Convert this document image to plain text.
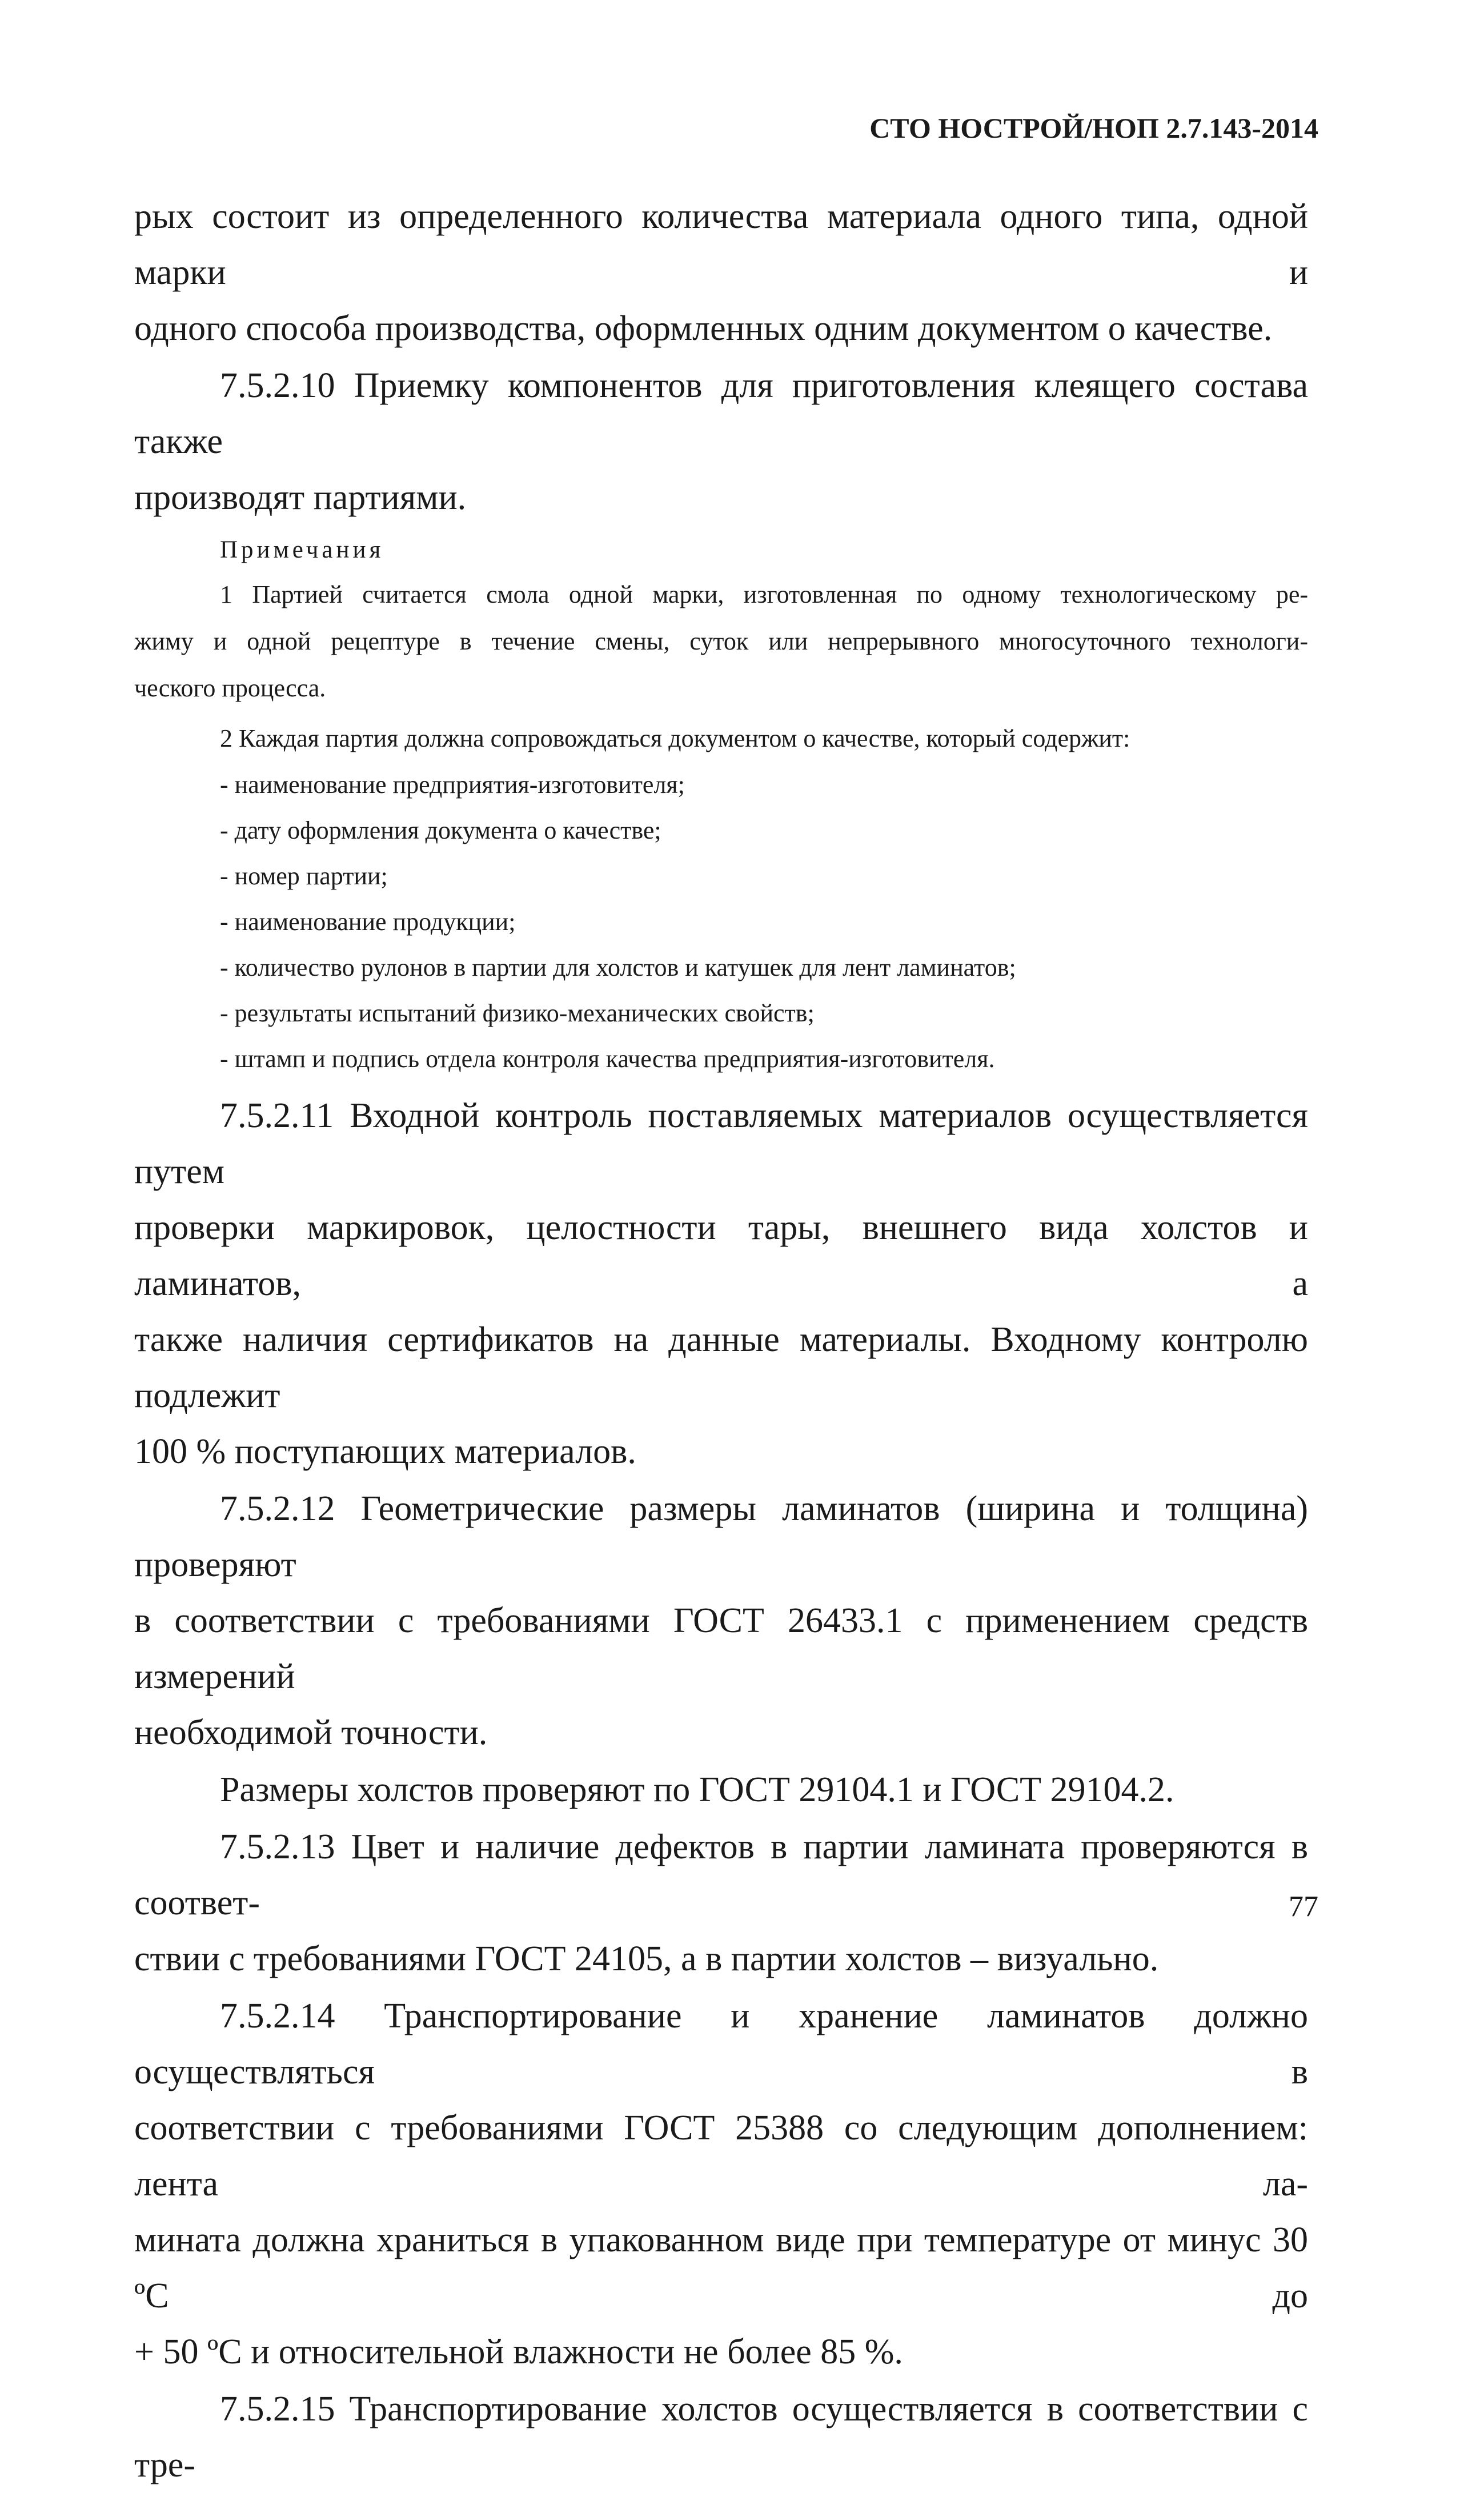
СТО НОСТРОЙ/НОП 2.7.143-2014

рых состоит из определенного количества материала одного типа, одной марки и

одного способа производства, оформленных одним документом о качестве.

7.5.2.10 Приемку компонентов для приготовления клеящего состава также

производят партиями.

Примечания

1 Партией считается смола одной марки, изготовленная по одному технологическому ре-

жиму и одной рецептуре в течение смены, суток или непрерывного многосуточного технологи-

ческого процесса.

2 Каждая партия должна сопровождаться документом о качестве, который содержит:

- наименование предприятия-изготовителя;
- дату оформления документа о качестве;
- номер партии;
- наименование продукции;
- количество рулонов в партии для холстов и катушек для лент ламинатов;
- результаты испытаний физико-механических свойств;
- штамп и подпись отдела контроля качества предприятия-изготовителя.

7.5.2.11 Входной контроль поставляемых материалов осуществляется путем

проверки маркировок, целостности тары, внешнего вида холстов и ламинатов, а

также наличия сертификатов на данные материалы. Входному контролю подлежит

100 % поступающих материалов.

7.5.2.12 Геометрические размеры ламинатов (ширина и толщина) проверяют

в соответствии с требованиями ГОСТ 26433.1 с применением средств измерений

необходимой точности.

Размеры холстов проверяют по ГОСТ 29104.1 и ГОСТ 29104.2.

7.5.2.13 Цвет и наличие дефектов в партии ламината проверяются в соответ-

ствии с требованиями ГОСТ 24105, а в партии холстов – визуально.

7.5.2.14 Транспортирование и хранение ламинатов должно осуществляться в

соответствии с требованиями ГОСТ 25388 со следующим дополнением: лента ла-

мината должна храниться в упакованном виде при температуре от минус 30 ºС до

+ 50 ºС и относительной влажности не более 85 %.

7.5.2.15 Транспортирование холстов осуществляется в соответствии с тре-

77
